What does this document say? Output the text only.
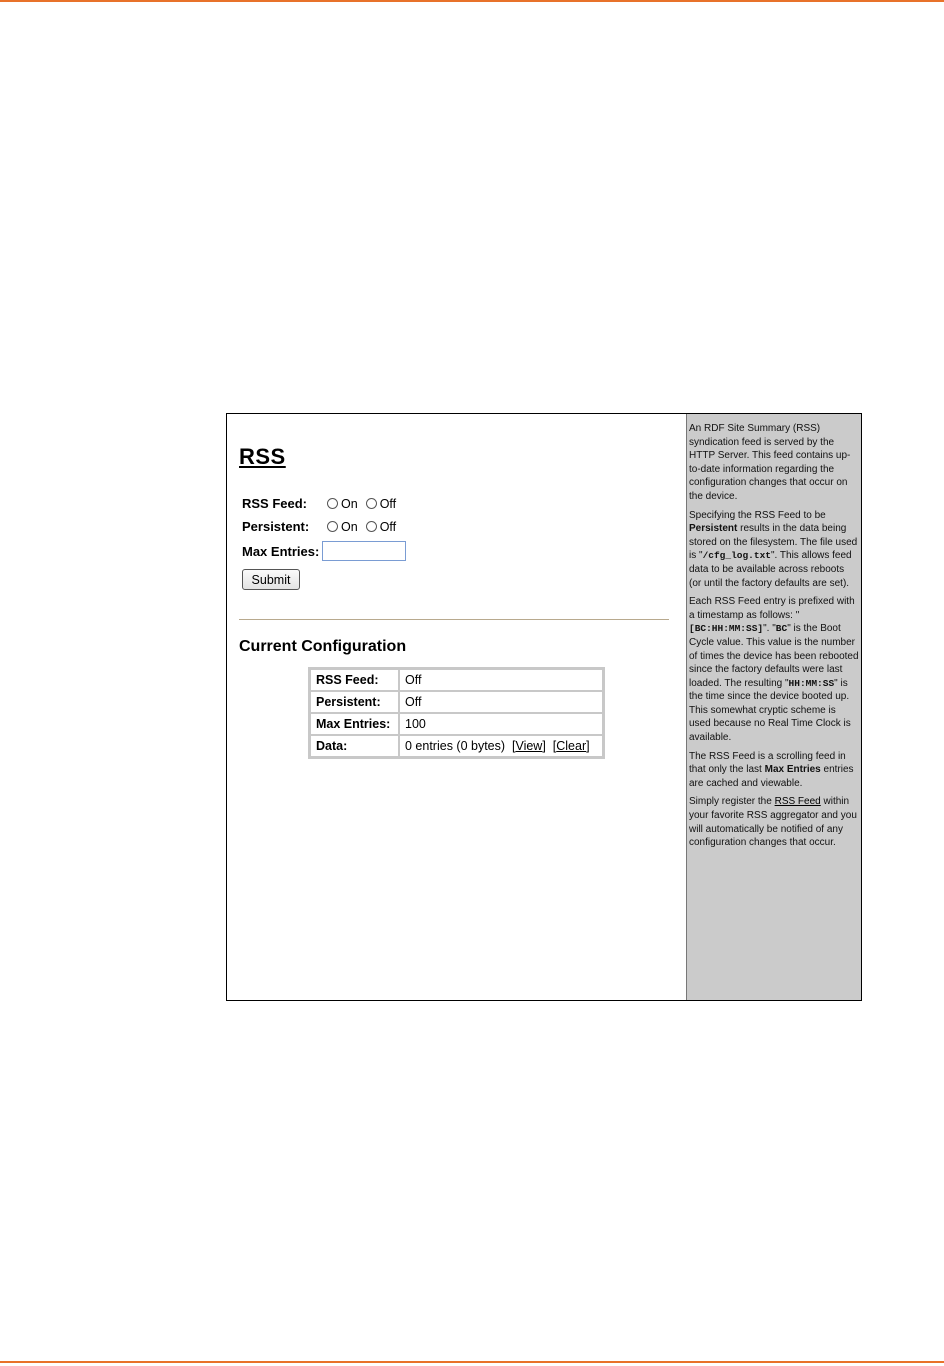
RSS
RSS Feed:	On Off
Persistent:	On Off
Max Entries:
Submit
Current Configuration
RSS Feed:	Off
Persistent:	Off
Max Entries:	100
Data:	0 entries (0 bytes)  [View]  [Clear]

An RDF Site Summary (RSS) syndication feed is served by the HTTP Server. This feed contains up-to-date information regarding the configuration changes that occur on the device.

Specifying the RSS Feed to be Persistent results in the data being stored on the filesystem. The file used is "/cfg_log.txt". This allows feed data to be available across reboots (or until the factory defaults are set).

Each RSS Feed entry is prefixed with a timestamp as follows: "[BC:HH:MM:SS]". "BC" is the Boot Cycle value. This value is the number of times the device has been rebooted since the factory defaults were last loaded. The resulting "HH:MM:SS" is the time since the device booted up. This somewhat cryptic scheme is used because no Real Time Clock is available.

The RSS Feed is a scrolling feed in that only the last Max Entries entries are cached and viewable.

Simply register the RSS Feed within your favorite RSS aggregator and you will automatically be notified of any configuration changes that occur.
